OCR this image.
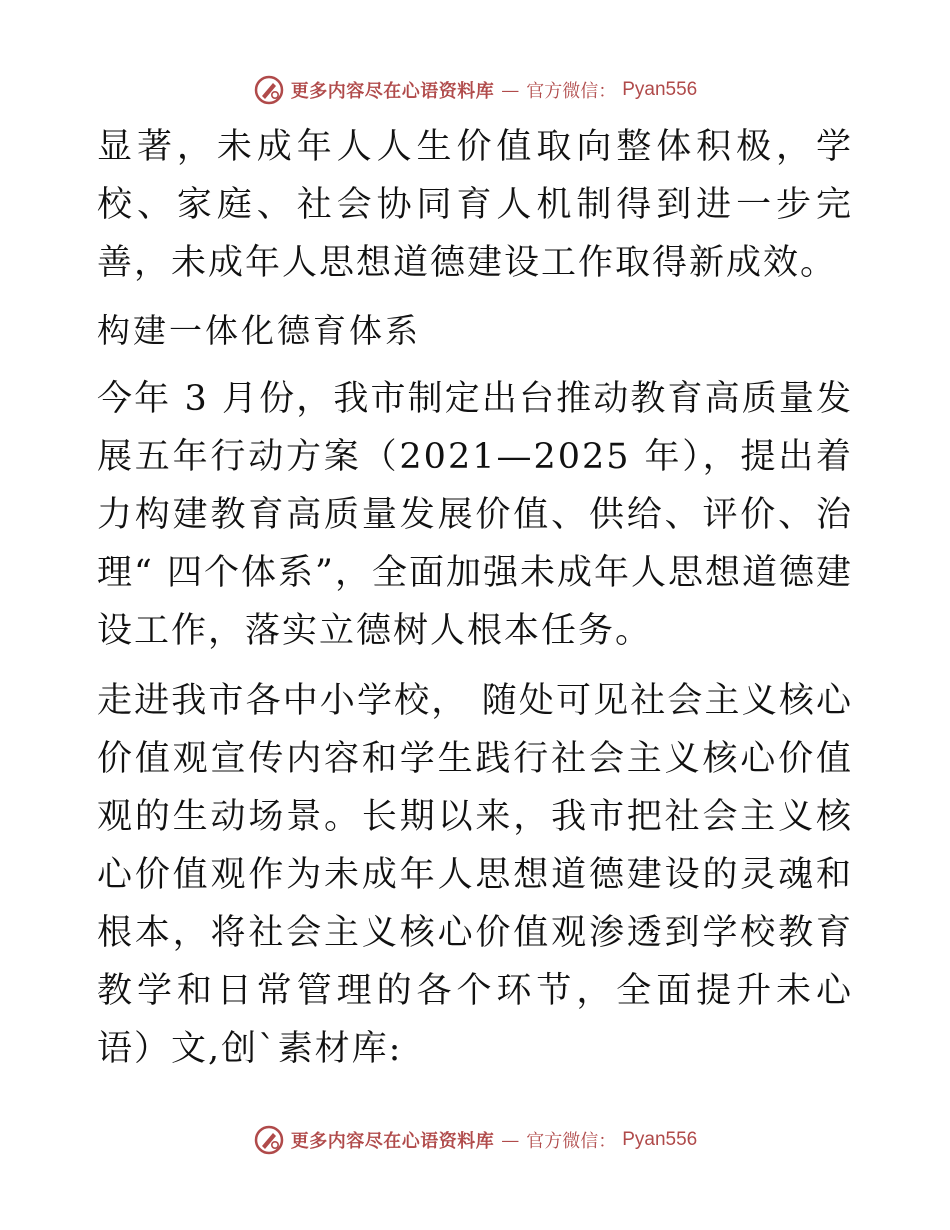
更多内容尽在心语资料库 — 官方微信： Pyan556

显著，未成年人人生价值取向整体积极，学校、家庭、社会协同育人机制得到进一步完善，未成年人思想道德建设工作取得新成效。

构建一体化德育体系

今年 3 月份，我市制定出台推动教育高质量发展五年行动方案（2021—2025 年），提出着力构建教育高质量发展价值、供给、评价、治理“ 四个体系”，全面加强未成年人思想道德建设工作，落实立德树人根本任务。

走进我市各中小学校， 随处可见社会主义核心价值观宣传内容和学生践行社会主义核心价值观的生动场景。长期以来，我市把社会主义核心价值观作为未成年人思想道德建设的灵魂和根本，将社会主义核心价值观渗透到学校教育教学和日常管理的各个环节，全面提升未心语）文,创`素材库:

更多内容尽在心语资料库 — 官方微信： Pyan556
